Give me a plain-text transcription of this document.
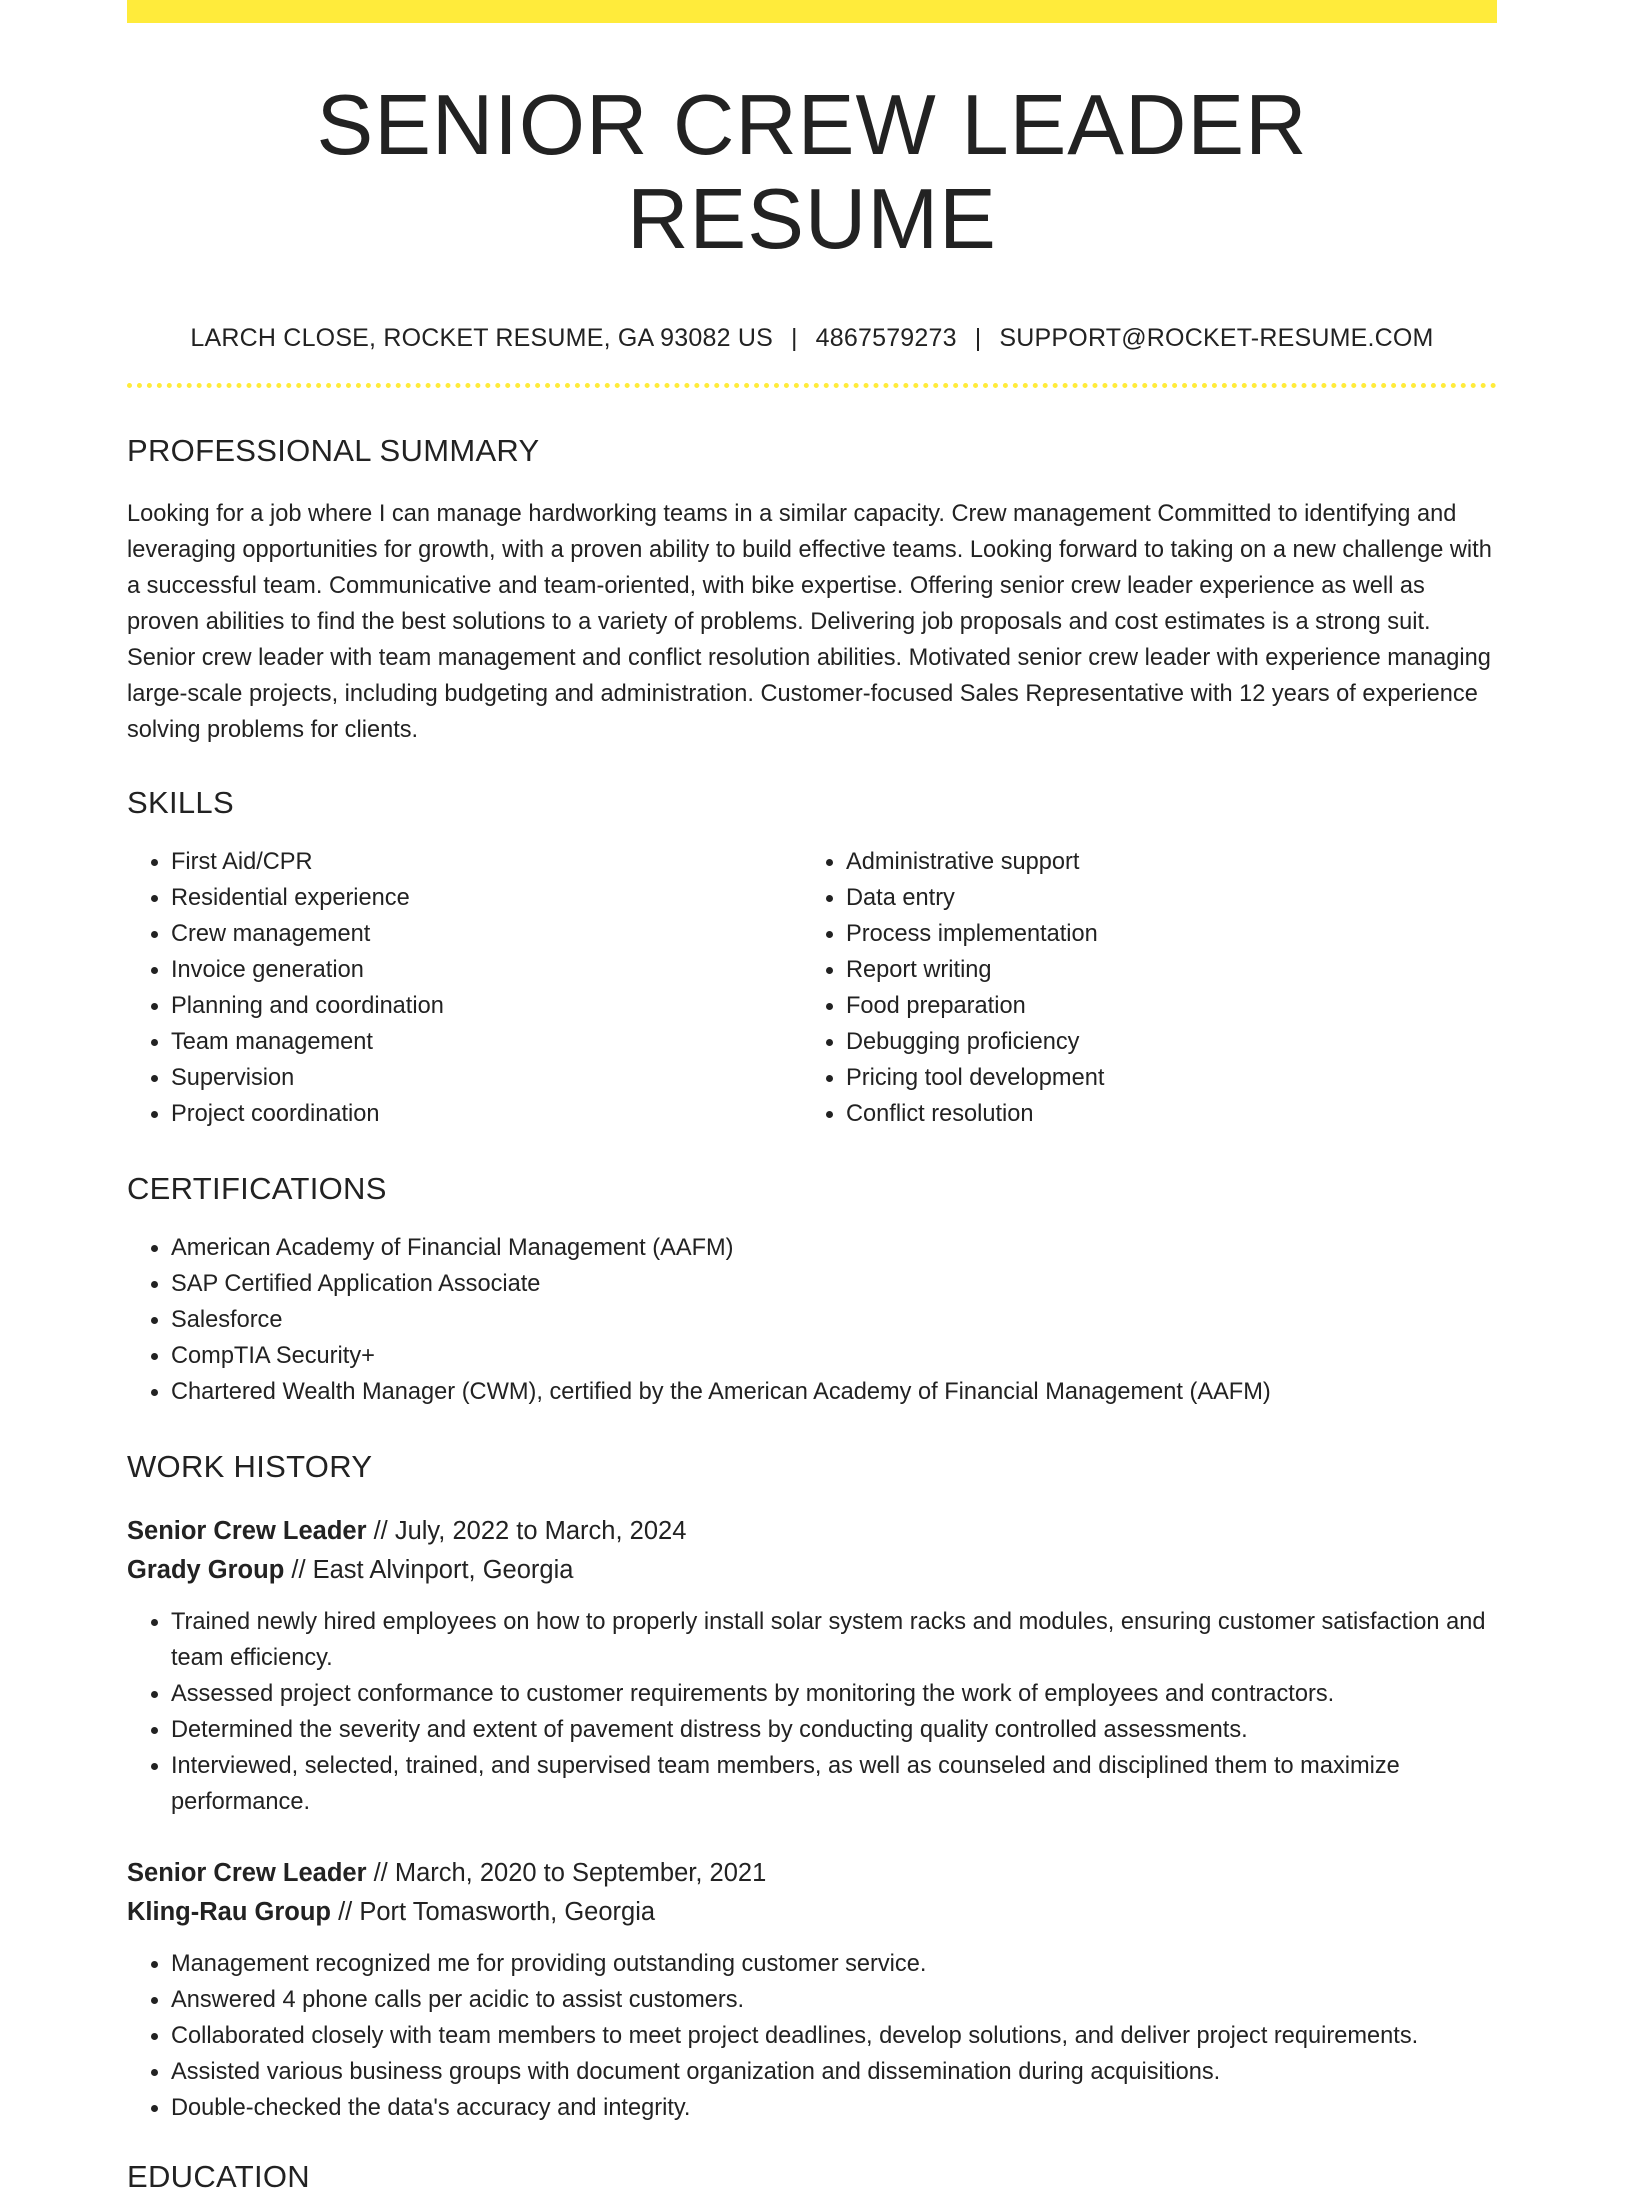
SENIOR CREW LEADER RESUME
LARCH CLOSE, ROCKET RESUME, GA 93082 US | 4867579273 | SUPPORT@ROCKET-RESUME.COM
PROFESSIONAL SUMMARY
Looking for a job where I can manage hardworking teams in a similar capacity. Crew management Committed to identifying and leveraging opportunities for growth, with a proven ability to build effective teams. Looking forward to taking on a new challenge with a successful team. Communicative and team-oriented, with bike expertise. Offering senior crew leader experience as well as proven abilities to find the best solutions to a variety of problems. Delivering job proposals and cost estimates is a strong suit. Senior crew leader with team management and conflict resolution abilities. Motivated senior crew leader with experience managing large-scale projects, including budgeting and administration. Customer-focused Sales Representative with 12 years of experience solving problems for clients.
SKILLS
• First Aid/CPR
• Residential experience
• Crew management
• Invoice generation
• Planning and coordination
• Team management
• Supervision
• Project coordination
• Administrative support
• Data entry
• Process implementation
• Report writing
• Food preparation
• Debugging proficiency
• Pricing tool development
• Conflict resolution
CERTIFICATIONS
• American Academy of Financial Management (AAFM)
• SAP Certified Application Associate
• Salesforce
• CompTIA Security+
• Chartered Wealth Manager (CWM), certified by the American Academy of Financial Management (AAFM)
WORK HISTORY
Senior Crew Leader // July, 2022 to March, 2024
Grady Group // East Alvinport, Georgia
• Trained newly hired employees on how to properly install solar system racks and modules, ensuring customer satisfaction and team efficiency.
• Assessed project conformance to customer requirements by monitoring the work of employees and contractors.
• Determined the severity and extent of pavement distress by conducting quality controlled assessments.
• Interviewed, selected, trained, and supervised team members, as well as counseled and disciplined them to maximize performance.
Senior Crew Leader // March, 2020 to September, 2021
Kling-Rau Group // Port Tomasworth, Georgia
• Management recognized me for providing outstanding customer service.
• Answered 4 phone calls per acidic to assist customers.
• Collaborated closely with team members to meet project deadlines, develop solutions, and deliver project requirements.
• Assisted various business groups with document organization and dissemination during acquisitions.
• Double-checked the data's accuracy and integrity.
EDUCATION
